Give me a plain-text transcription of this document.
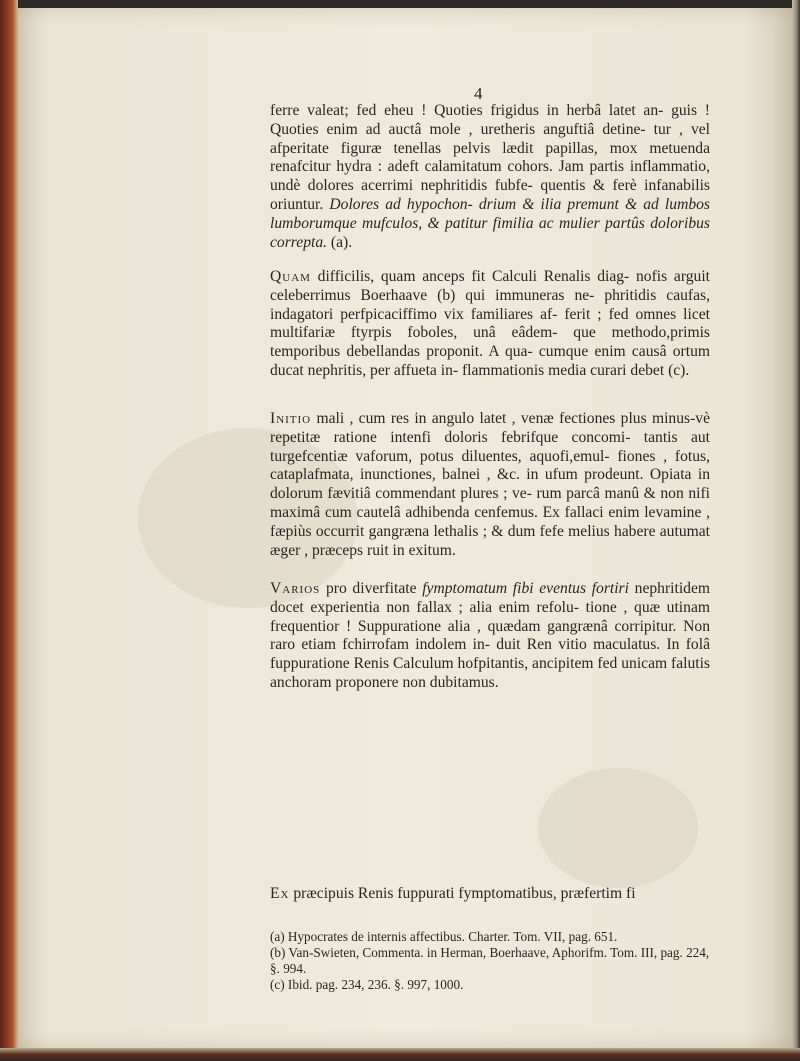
4

ferre valeat; fed eheu ! Quoties frigidus in herbâ latet an- guis ! Quoties enim ad auctâ mole , uretheris anguftiâ detine- tur , vel afperitate figuræ tenellas pelvis lædit papillas, mox metuenda renafcitur hydra : adeft calamitatum cohors. Jam partis inflammatio, undè dolores acerrimi nephritidis fubfe- quentis & ferè infanabilis oriuntur. Dolores ad hypochon- drium & ilia premunt & ad lumbos lumborumque mufculos, & patitur fimilia ac mulier partûs doloribus correpta. (a).

Quam difficilis, quam anceps fit Calculi Renalis diag- nofis arguit celeberrimus Boerhaave (b) qui immuneras ne- phritidis caufas, indagatori perfpicaciffimo vix familiares af- ferit ; fed omnes licet multifariæ ftyrpis foboles, unâ eâdem- que methodo,primis temporibus debellandas proponit. A qua- cumque enim causâ ortum ducat nephritis, per affueta in- flammationis media curari debet (c).

Initio mali , cum res in angulo latet , venæ fectiones plus minus-vè repetitæ ratione intenfi doloris febrifque concomi- tantis aut turgefcentiæ vaforum, potus diluentes, aquofi,emul- fiones , fotus, cataplafmata, inunctiones, balnei , &c. in ufum prodeunt. Opiata in dolorum fævitiâ commendant plures ; ve- rum parcâ manû & non nifi maximâ cum cautelâ adhibenda cenfemus. Ex fallaci enim levamine , fæpiùs occurrit gangræna lethalis ; & dum fefe melius habere autumat æger , præceps ruit in exitum.

Varios pro diverfitate fymptomatum fibi eventus fortiri nephritidem docet experientia non fallax ; alia enim refolu- tione , quæ utinam frequentior ! Suppuratione alia , quædam gangrænâ corripitur. Non raro etiam fchirrofam indolem in- duit Ren vitio maculatus. In folâ fuppuratione Renis Calculum hofpitantis, ancipitem fed unicam falutis anchoram proponere non dubitamus.

Ex præcipuis Renis fuppurati fymptomatibus, præfertim fi

(a) Hypocrates de internis affectibus. Charter. Tom. VII, pag. 651.

(b) Van-Swieten, Commenta. in Herman, Boerhaave, Aphorifm. Tom. III, pag. 224, §. 994.

(c) Ibid. pag. 234, 236. §. 997, 1000.
